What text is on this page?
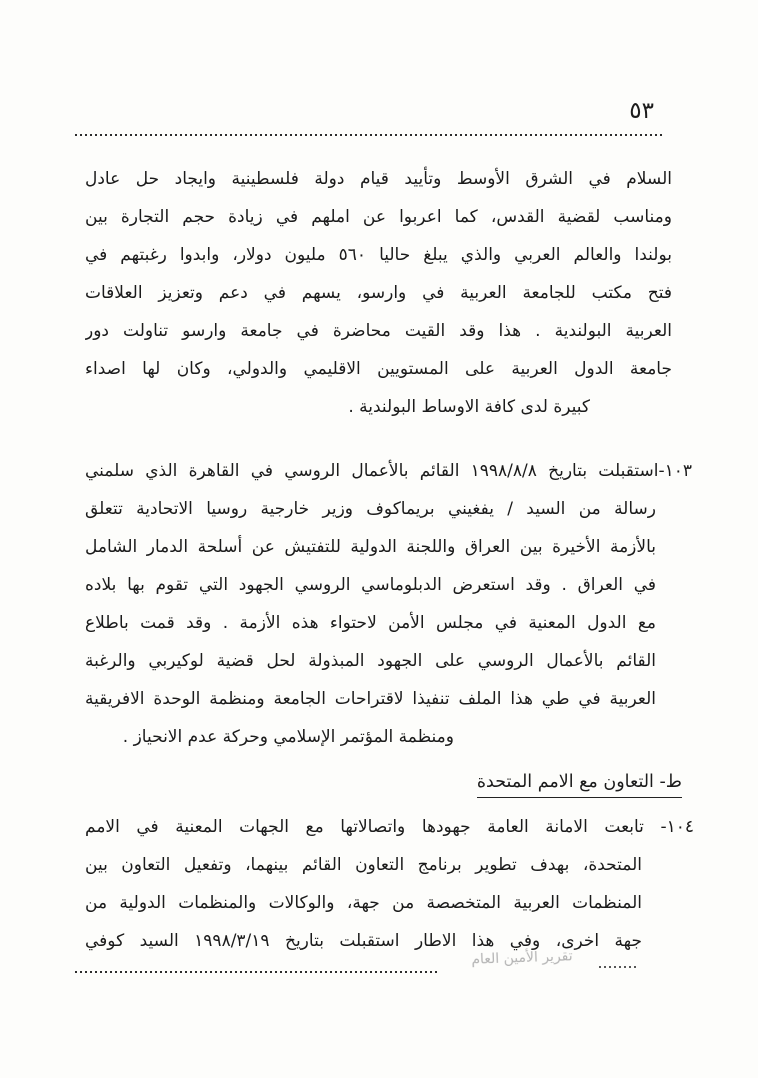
٥٣
السلام في الشرق الأوسط وتأييد قيام دولة فلسطينية وايجاد حل عادل
ومناسب لقضية القدس، كما اعربوا عن املهم في زيادة حجم التجارة بين
بولندا والعالم العربي والذي يبلغ حاليا ٥٦٠ مليون دولار، وابدوا رغبتهم في
فتح مكتب للجامعة العربية في وارسو، يسهم في دعم وتعزيز العلاقات
العربية البولندية . هذا وقد القيت محاضرة في جامعة وارسو تناولت دور
جامعة الدول العربية على المستويين الاقليمي والدولي، وكان لها اصداء
كبيرة لدى كافة الاوساط البولندية .
١٠٣-استقبلت بتاريخ ١٩٩٨/٨/٨ القائم بالأعمال الروسي في القاهرة الذي سلمني
رسالة من السيد / يفغيني بريماكوف وزير خارجية روسيا الاتحادية تتعلق
بالأزمة الأخيرة بين العراق واللجنة الدولية للتفتيش عن أسلحة الدمار الشامل
في العراق . وقد استعرض الدبلوماسي الروسي الجهود التي تقوم بها بلاده
مع الدول المعنية في مجلس الأمن لاحتواء هذه الأزمة . وقد قمت باطلاع
القائم بالأعمال الروسي على الجهود المبذولة لحل قضية لوكيربي والرغبة
العربية في طي هذا الملف تنفيذا لاقتراحات الجامعة ومنظمة الوحدة الافريقية
ومنظمة المؤتمر الإسلامي وحركة عدم الانحياز .
ط- التعاون مع الامم المتحدة
١٠٤- تابعت الامانة العامة جهودها واتصالاتها مع الجهات المعنية في الامم
المتحدة، بهدف تطوير برنامج التعاون القائم بينهما، وتفعيل التعاون بين
المنظمات العربية المتخصصة من جهة، والوكالات والمنظمات الدولية من
جهة اخرى، وفي هذا الاطار استقبلت بتاريخ ١٩٩٨/٣/١٩ السيد كوفي
تقرير الأمين العام
